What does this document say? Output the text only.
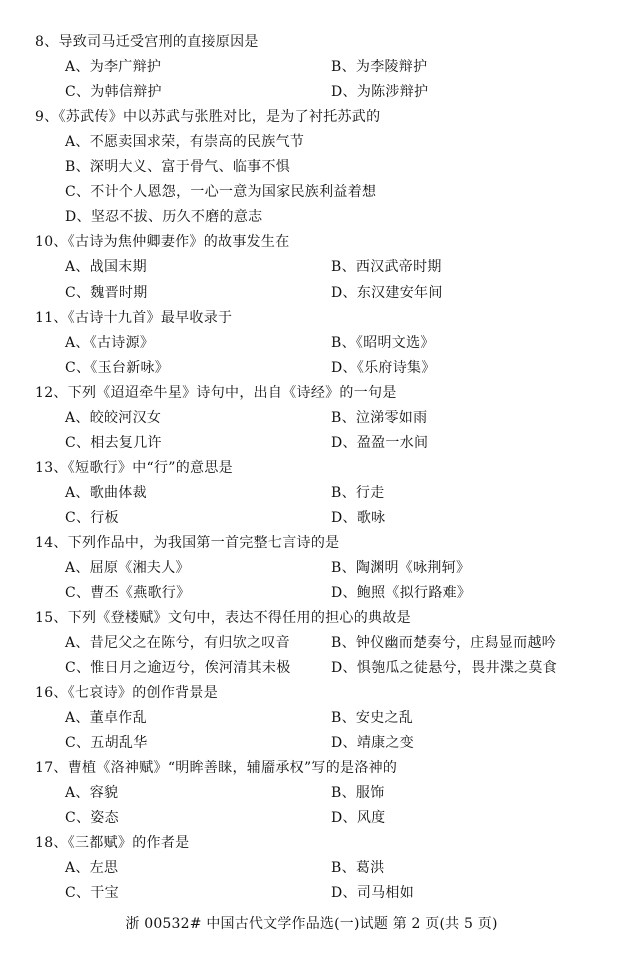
8、导致司马迁受宫刑的直接原因是
A、为李广辩护	B、为李陵辩护
C、为韩信辩护	D、为陈涉辩护
9、《苏武传》中以苏武与张胜对比，是为了衬托苏武的
A、不愿卖国求荣，有崇高的民族气节
B、深明大义、富于骨气、临事不惧
C、不计个人恩怨，一心一意为国家民族利益着想
D、坚忍不拔、历久不磨的意志
10、《古诗为焦仲卿妻作》的故事发生在
A、战国末期	B、西汉武帝时期
C、魏晋时期	D、东汉建安年间
11、《古诗十九首》最早收录于
A、《古诗源》	B、《昭明文选》
C、《玉台新咏》	D、《乐府诗集》
12、下列《迢迢牵牛星》诗句中，出自《诗经》的一句是
A、皎皎河汉女	B、泣涕零如雨
C、相去复几许	D、盈盈一水间
13、《短歌行》中“行”的意思是
A、歌曲体裁	B、行走
C、行板	D、歌咏
14、下列作品中，为我国第一首完整七言诗的是
A、屈原《湘夫人》	B、陶渊明《咏荆轲》
C、曹丕《燕歌行》	D、鲍照《拟行路难》
15、下列《登楼赋》文句中，表达不得任用的担心的典故是
A、昔尼父之在陈兮，有归欤之叹音	B、钟仪幽而楚奏兮，庄舄显而越吟
C、惟日月之逾迈兮，俟河清其未极	D、惧匏瓜之徒悬兮，畏井渫之莫食
16、《七哀诗》的创作背景是
A、董卓作乱	B、安史之乱
C、五胡乱华	D、靖康之变
17、曹植《洛神赋》“明眸善睐，辅靥承权”写的是洛神的
A、容貌	B、服饰
C、姿态	D、风度
18、《三都赋》的作者是
A、左思	B、葛洪
C、干宝	D、司马相如
浙 00532# 中国古代文学作品选(一)试题 第 2 页(共 5 页)
